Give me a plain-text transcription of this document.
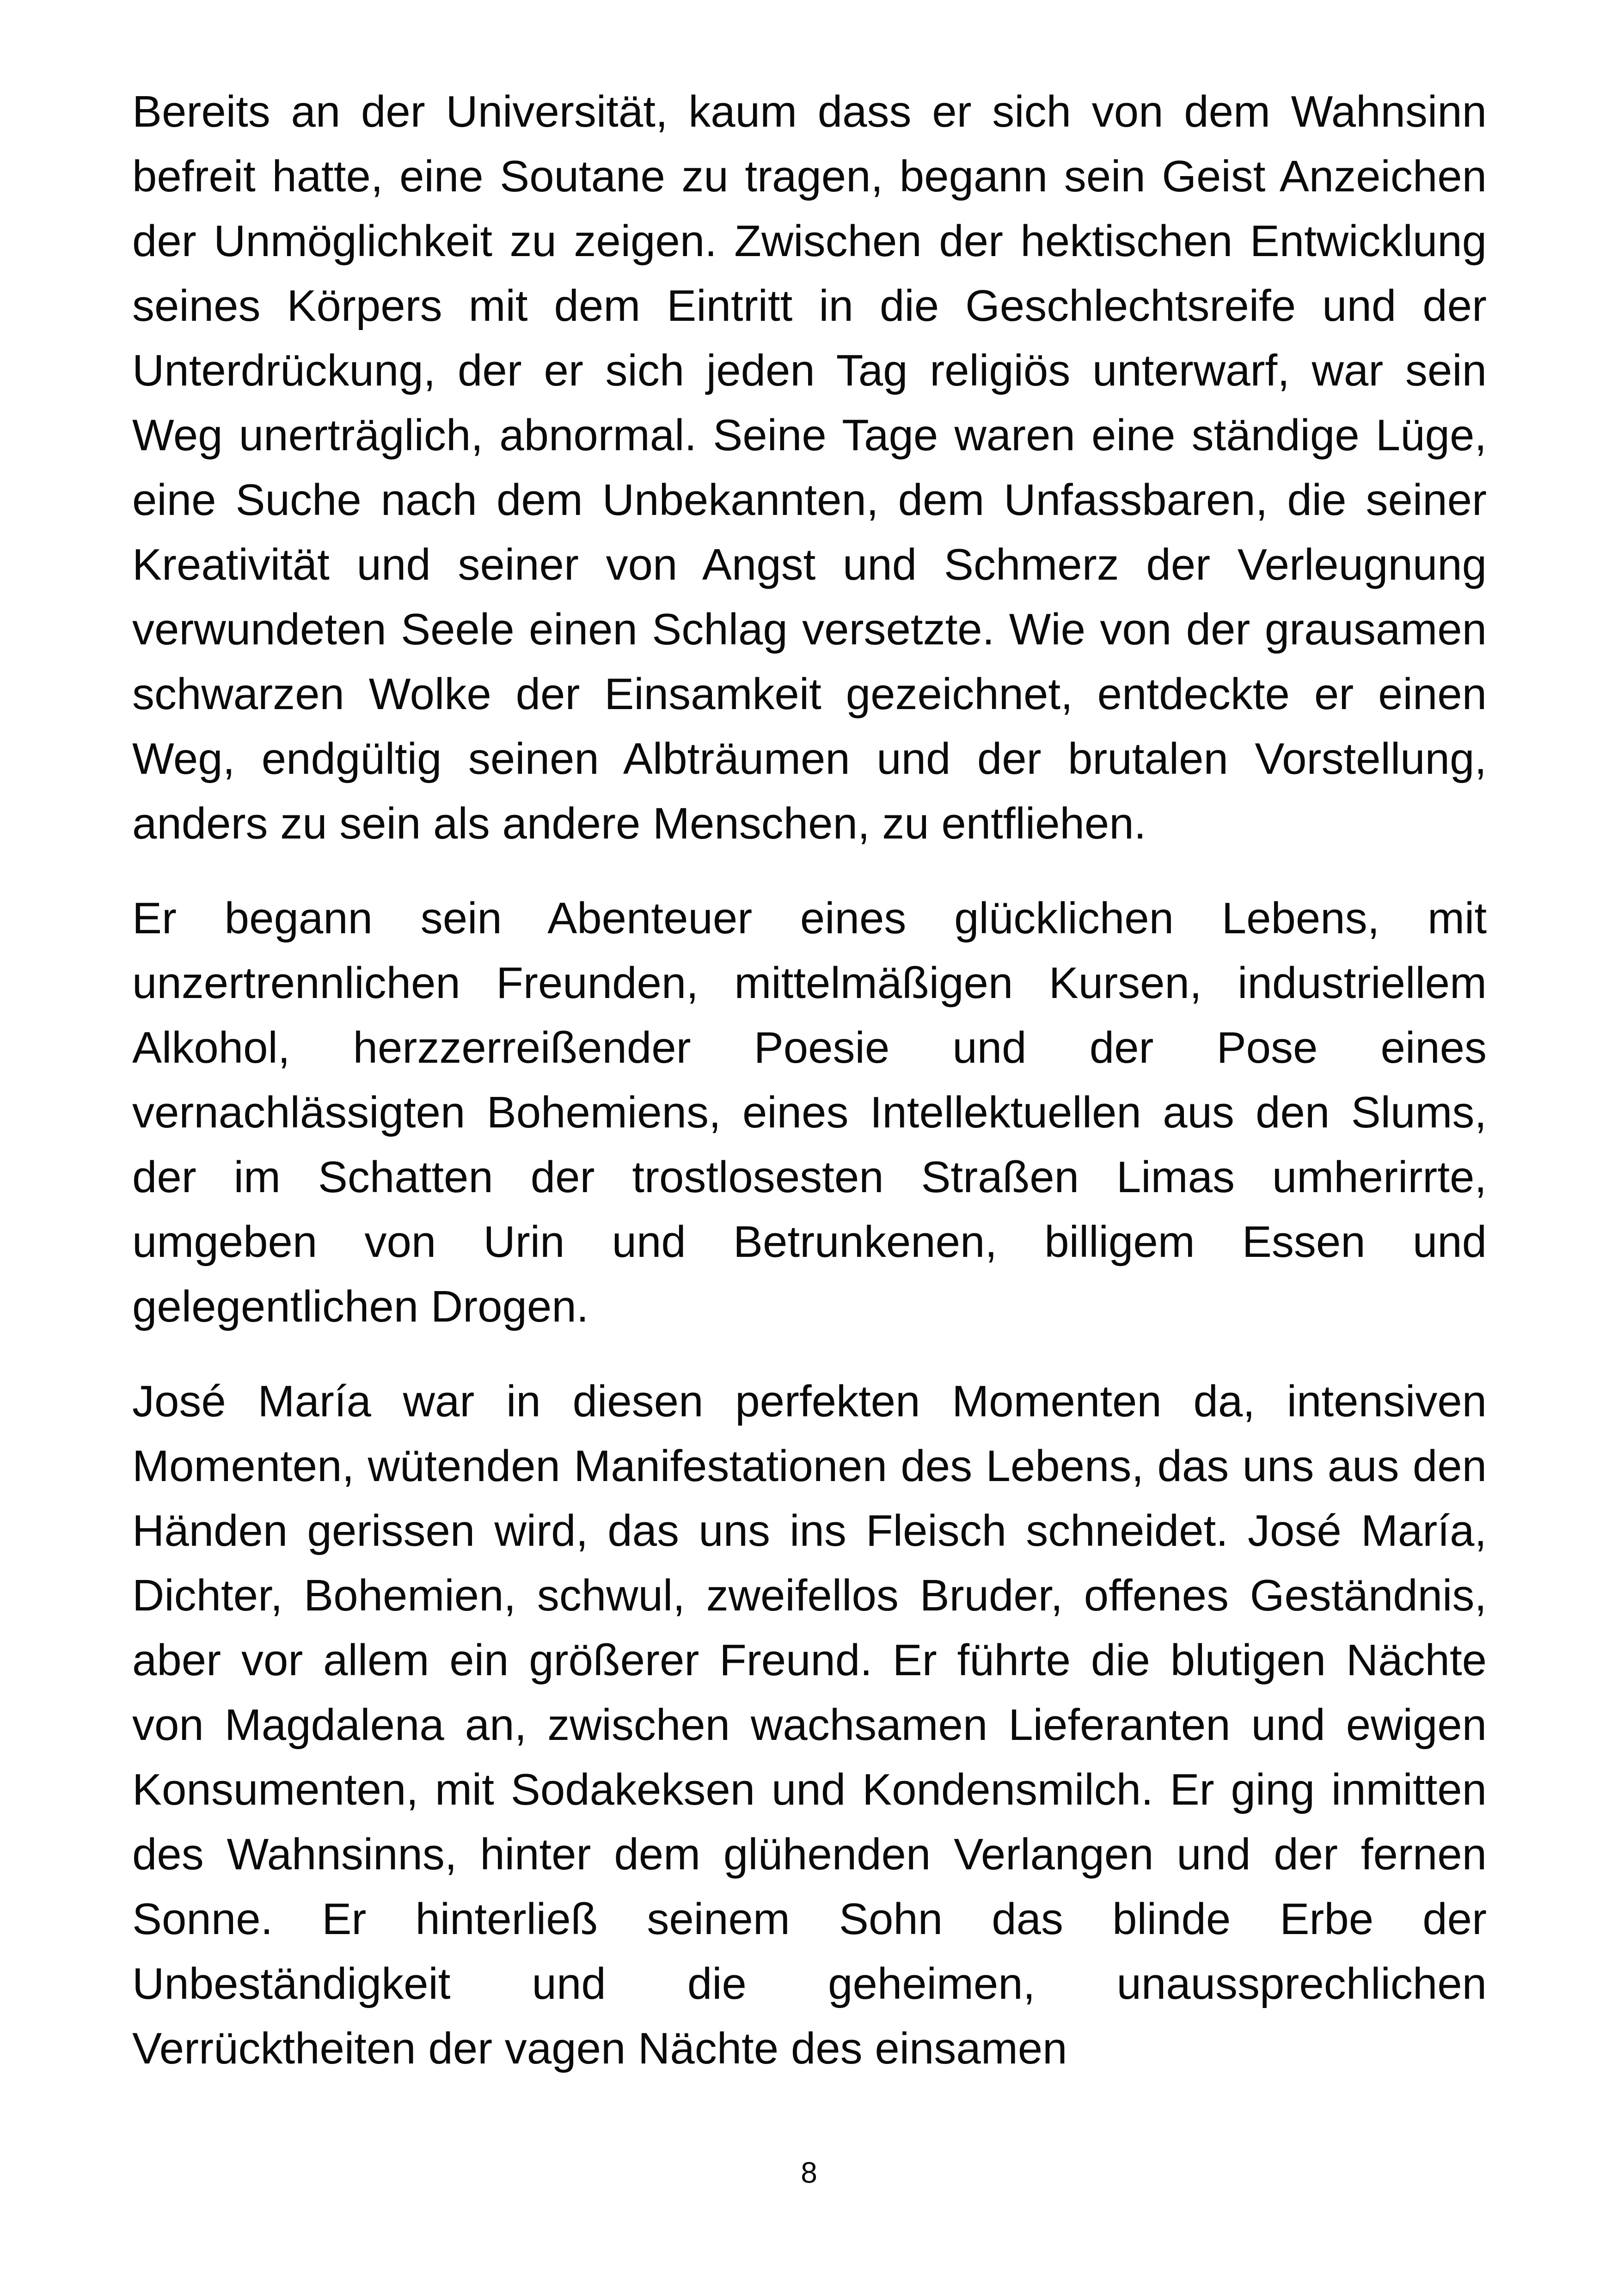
Bereits an der Universität, kaum dass er sich von dem Wahnsinn befreit hatte, eine Soutane zu tragen, begann sein Geist Anzeichen der Unmöglichkeit zu zeigen. Zwischen der hektischen Entwicklung seines Körpers mit dem Eintritt in die Geschlechtsreife und der Unterdrückung, der er sich jeden Tag religiös unterwarf, war sein Weg unerträglich, abnormal. Seine Tage waren eine ständige Lüge, eine Suche nach dem Unbekannten, dem Unfassbaren, die seiner Kreativität und seiner von Angst und Schmerz der Verleugnung verwundeten Seele einen Schlag versetzte. Wie von der grausamen schwarzen Wolke der Einsamkeit gezeichnet, entdeckte er einen Weg, endgültig seinen Albträumen und der brutalen Vorstellung, anders zu sein als andere Menschen, zu entfliehen.

Er begann sein Abenteuer eines glücklichen Lebens, mit unzertrennlichen Freunden, mittelmäßigen Kursen, industriellem Alkohol, herzzerreißender Poesie und der Pose eines vernachlässigten Bohemiens, eines Intellektuellen aus den Slums, der im Schatten der trostlosesten Straßen Limas umherirrte, umgeben von Urin und Betrunkenen, billigem Essen und gelegentlichen Drogen.

José María war in diesen perfekten Momenten da, intensiven Momenten, wütenden Manifestationen des Lebens, das uns aus den Händen gerissen wird, das uns ins Fleisch schneidet. José María, Dichter, Bohemien, schwul, zweifellos Bruder, offenes Geständnis, aber vor allem ein größerer Freund. Er führte die blutigen Nächte von Magdalena an, zwischen wachsamen Lieferanten und ewigen Konsumenten, mit Sodakeksen und Kondensmilch. Er ging inmitten des Wahnsinns, hinter dem glühenden Verlangen und der fernen Sonne. Er hinterließ seinem Sohn das blinde Erbe der Unbeständigkeit und die geheimen, unaussprechlichen Verrücktheiten der vagen Nächte des einsamen

8
